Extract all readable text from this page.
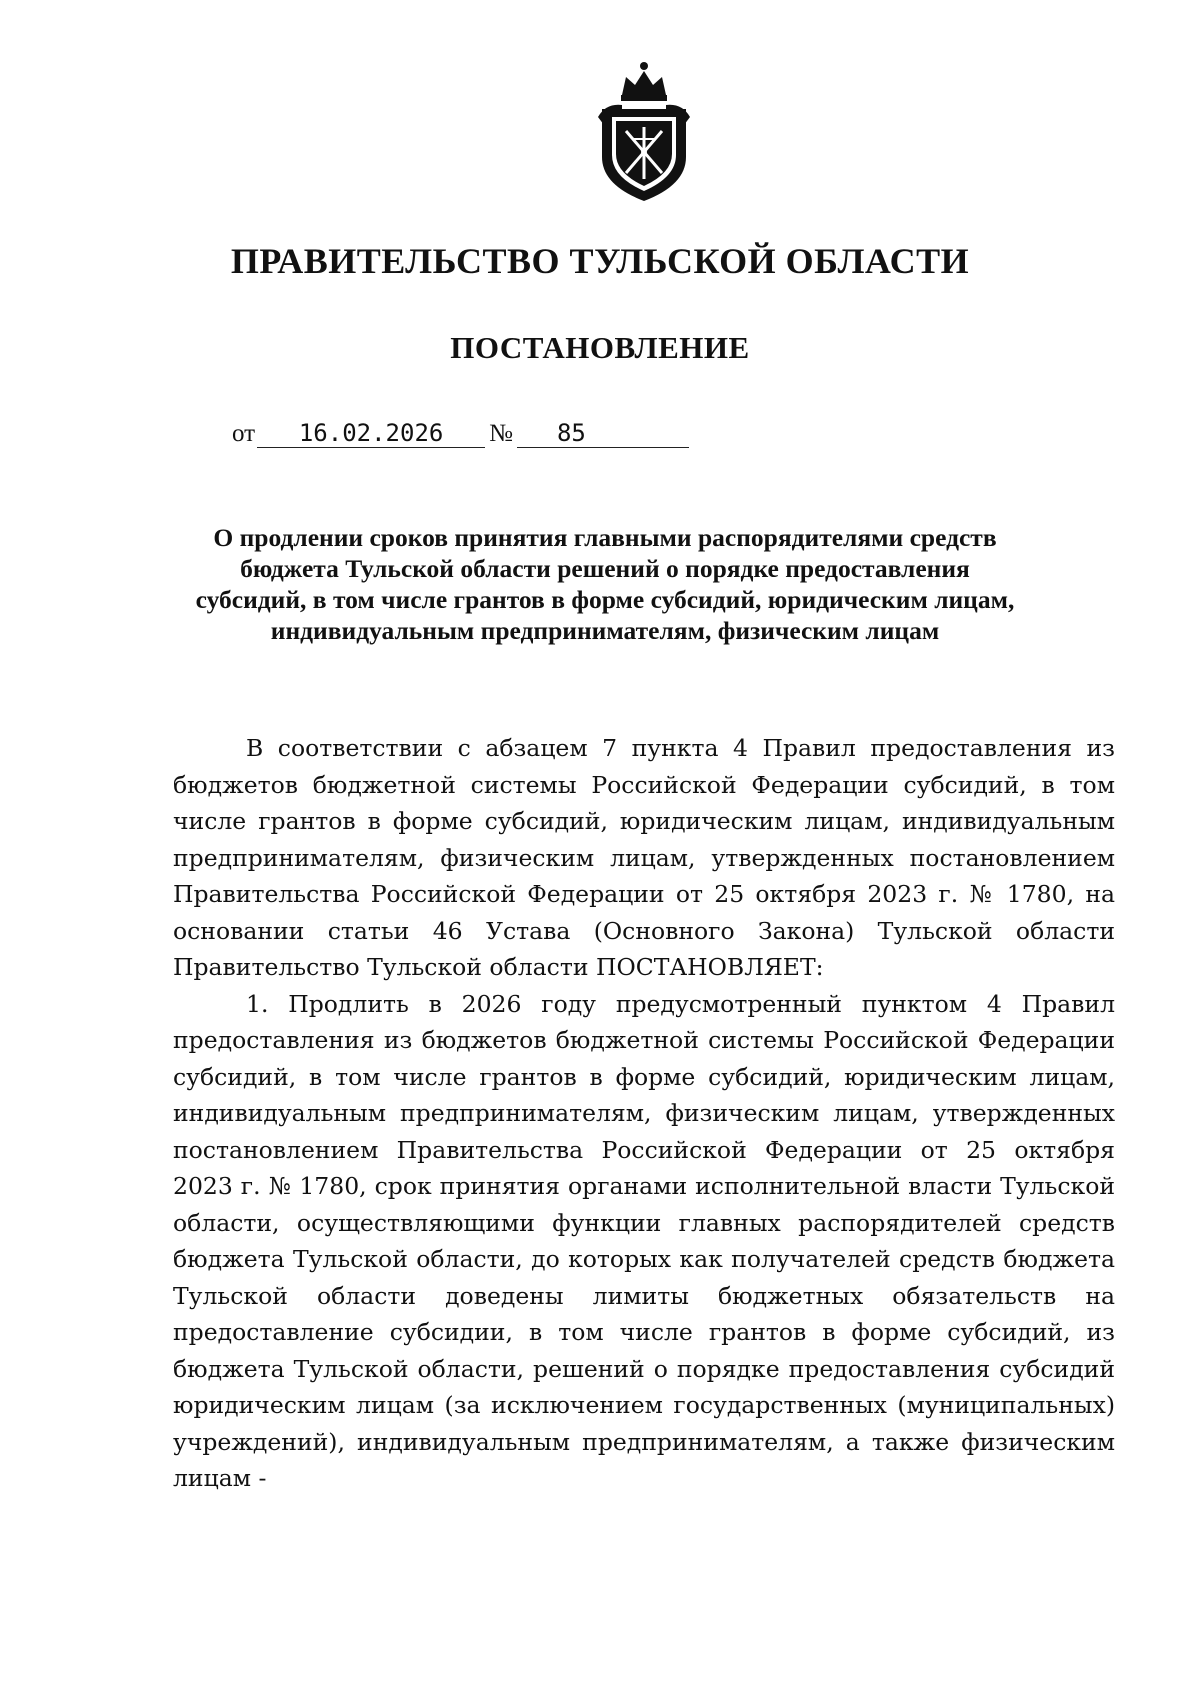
ПРАВИТЕЛЬСТВО ТУЛЬСКОЙ ОБЛАСТИ
ПОСТАНОВЛЕНИЕ
от	16.02.2026	№	85
О продлении сроков принятия главными распорядителями средств
бюджета Тульской области решений о порядке предоставления
субсидий, в том числе грантов в форме субсидий, юридическим лицам,
индивидуальным предпринимателям, физическим лицам

В соответствии с абзацем 7 пункта 4 Правил предоставления из бюджетов бюджетной системы Российской Федерации субсидий, в том числе грантов в форме субсидий, юридическим лицам, индивидуальным предпринимателям, физическим лицам, утвержденных постановлением Правительства Российской Федерации от 25 октября 2023 г. № 1780, на основании статьи 46 Устава (Основного Закона) Тульской области Правительство Тульской области ПОСТАНОВЛЯЕТ:

1. Продлить в 2026 году предусмотренный пунктом 4 Правил предоставления из бюджетов бюджетной системы Российской Федерации субсидий, в том числе грантов в форме субсидий, юридическим лицам, индивидуальным предпринимателям, физическим лицам, утвержденных постановлением Правительства Российской Федерации от 25 октября 2023 г. № 1780, срок принятия органами исполнительной власти Тульской области, осуществляющими функции главных распорядителей средств бюджета Тульской области, до которых как получателей средств бюджета Тульской области доведены лимиты бюджетных обязательств на предоставление субсидии, в том числе грантов в форме субсидий, из бюджета Тульской области, решений о порядке предоставления субсидий юридическим лицам (за исключением государственных (муниципальных) учреждений), индивидуальным предпринимателям, а также физическим лицам -
